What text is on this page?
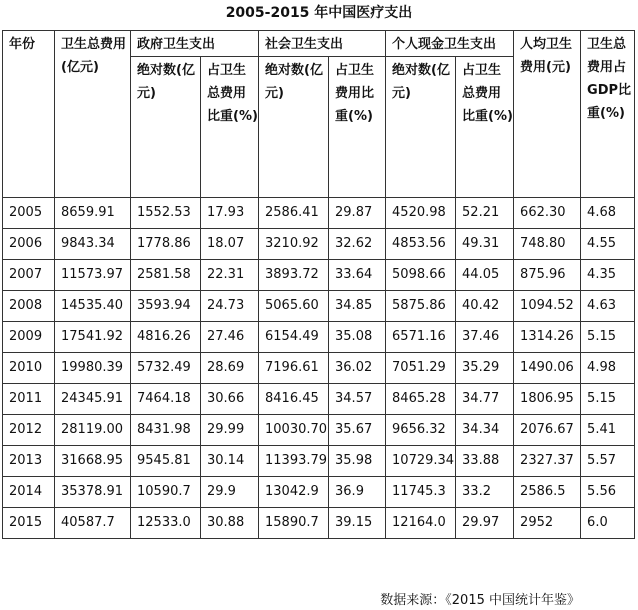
2005-2015 年中国医疗支出
年份	卫生总费用(亿元)	政府卫生支出		社会卫生支出		个人现金卫生支出		人均卫生费用(元)	卫生总费用占GDP比重(%)
		绝对数(亿元)	占卫生总费用比重(%)	绝对数(亿元)	占卫生费用比重(%)	绝对数(亿元)	占卫生总费用比重(%)		
2005	8659.91	1552.53	17.93	2586.41	29.87	4520.98	52.21	662.30	4.68
2006	9843.34	1778.86	18.07	3210.92	32.62	4853.56	49.31	748.80	4.55
2007	11573.97	2581.58	22.31	3893.72	33.64	5098.66	44.05	875.96	4.35
2008	14535.40	3593.94	24.73	5065.60	34.85	5875.86	40.42	1094.52	4.63
2009	17541.92	4816.26	27.46	6154.49	35.08	6571.16	37.46	1314.26	5.15
2010	19980.39	5732.49	28.69	7196.61	36.02	7051.29	35.29	1490.06	4.98
2011	24345.91	7464.18	30.66	8416.45	34.57	8465.28	34.77	1806.95	5.15
2012	28119.00	8431.98	29.99	10030.70	35.67	9656.32	34.34	2076.67	5.41
2013	31668.95	9545.81	30.14	11393.79	35.98	10729.34	33.88	2327.37	5.57
2014	35378.91	10590.7	29.9	13042.9	36.9	11745.3	33.2	2586.5	5.56
2015	40587.7	12533.0	30.88	15890.7	39.15	12164.0	29.97	2952	6.0
数据来源：《2015 中国统计年鉴》
